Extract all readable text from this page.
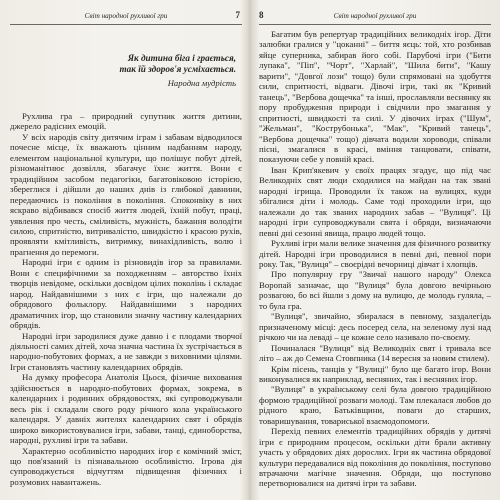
Світ народної рухливої гри	7
Як дитина біга і грається,
так їй здоров'я усміхається.
Народна мудрість

Рухлива гра – природний супутник життя дитини, джерело радісних емоцій.

У всіх народів світу дитячим іграм і забавам відводилося почесне місце, їх вважають цінним надбанням народу, елементом національної культури, що полішує побут дітей, різноманітнює дозвілля, збагачує їхнє життя. Вони є традиційним засобом педагогіки, багатовіковою історією, збереглися і дійшли до наших днів із глибокої давнини, передаючись із покоління в покоління. Споконвіку в них яскраво відбивався спосіб життя людей, їхній побут, праці, уявлення про честь, сміливість, мужність, бажання володіти силою, спритністю, витривалістю, швидкістю і красою рухів, проявляти кмітливість, витримку, винахідливість, волю і прагнення до перемоги.

Народні ігри є одним із різновидів ігор за правилами. Вони є специфічними за походженням – авторство їхніх творців невідоме, оскільки досвідом цілих поколінь і складає народ. Найдавнішими з них є ігри, що належали до обрядового фольклору. Найдавнішими з народних драматичних ігор, що становили значну частину календарних обрядів.

Народні ігри зародилися дуже давно і є плодами творчої діяльності самих дітей, хоча значна частина їх зустрічається в народно-побутових формах, а не завжди з виховними цілями. Ігри становлять частину календарних обрядів.

На думку професора Анатолія Цьося, фізичне виховання здійснюється в народно-побутових формах, зокрема, в календарних і родинних обрядовостях, які супроводжували весь рік і складали свого роду річного кола українського календаря. У давніх жителях календарних свят і обрядів широко використовувалися ігри, забави, танці, єдиноборства, народні, рухливі ігри та забави.

Характерно особливістю народних ігор є комічний зміст, що пов'язаний із пізнавальною особливістю. Ігрова дія супроводжується відчуттям підвищення фізичних і розумових навантажень.

8	Світ народної рухливої гри

Багатим був репертуар традиційних великодніх ігор. Діти залюбки гралися у "цоканні" – биття яєць: той, хто розбивав яйце суперника, забирав його собі. Парубочі ігри ("Бити лупака", "Піп", "Чорт", "Харлай", "Шила бити", "Кашу варити", "Довгої лози" тощо) були спрямовані на здобуття сили, спритності, відваги. Дівочі ігри, такі як "Кривий танець", "Вербова дощечка" та інші, прославляли веснянку як пору пробудження природи і свідчили про змагання у спритності, швидкості та силі. У дівочих іграх ("Шум", "Жельман", "Кострубонька", "Мак", "Кривий танець", "Вербова дощечка" тощо) дівчата водили хороводи, співали пісні, змагалися в красі, вміння танцювати, співати, показуючи себе у повній красі.

Іван Крип'якевич у своїх працях згадує, що під час Великодніх свят люди сходилися на майдан на так звані народні ігрища. Проводили їх також на вулицях, куди збігалися діти і молодь. Саме тоді проходили ігри, що належали до так званих народних забав – "Вулиця". Ці народні ігри супроводжували свята і обряди, визначаючи певні дні сезонні явища, працю людей тощо.

Рухливі ігри мали велике значення для фізичного розвитку дітей. Народні ігри проводилися в певні дні, певної пори року. Так, "Вулиця" – своєрідні вечорниці дівчат і хлопців.

Про популярну гру "Звичаї нашого народу" Олекса Воропай зазначає, що "Вулиця" була довгою вечірньою розвагою, бо всі йшли з дому на вулицю, де молодь гуляла, – то була гра.

"Вулиця", звичайно, збиралася в певному, заздалегідь призначеному місці: десь посеред села, на зеленому лузі над річкою чи на леваді – це кожне село називало по-своєму.

Починалася "Вулиця" від Великодніх свят і тривала все літо – аж до Семена Стовпника (14 вересня за новим стилем).

Крім пісень, танців у "Вулиці" було ще багато ігор. Вони виконувалися як наприклад, весняних, так і весняних ігор.

"Вулиця" в українському селі була довгою традиційною формою традиційної розваги молоді. Там плекалася любов до рідного краю, Батьківщини, поваги до старших, товаришування, товариської взаємодопомоги.

Перехід певних елементів традиційних обрядів у дитячі ігри є природним процесом, оскільки діти брали активну участь у обрядових діях дорослих. Ігри як частина обрядової культури передавалися від покоління до покоління, поступово втрачаючи магічне значення. Обряди, що поступово перетворювалися на дитячі ігри та забави.
